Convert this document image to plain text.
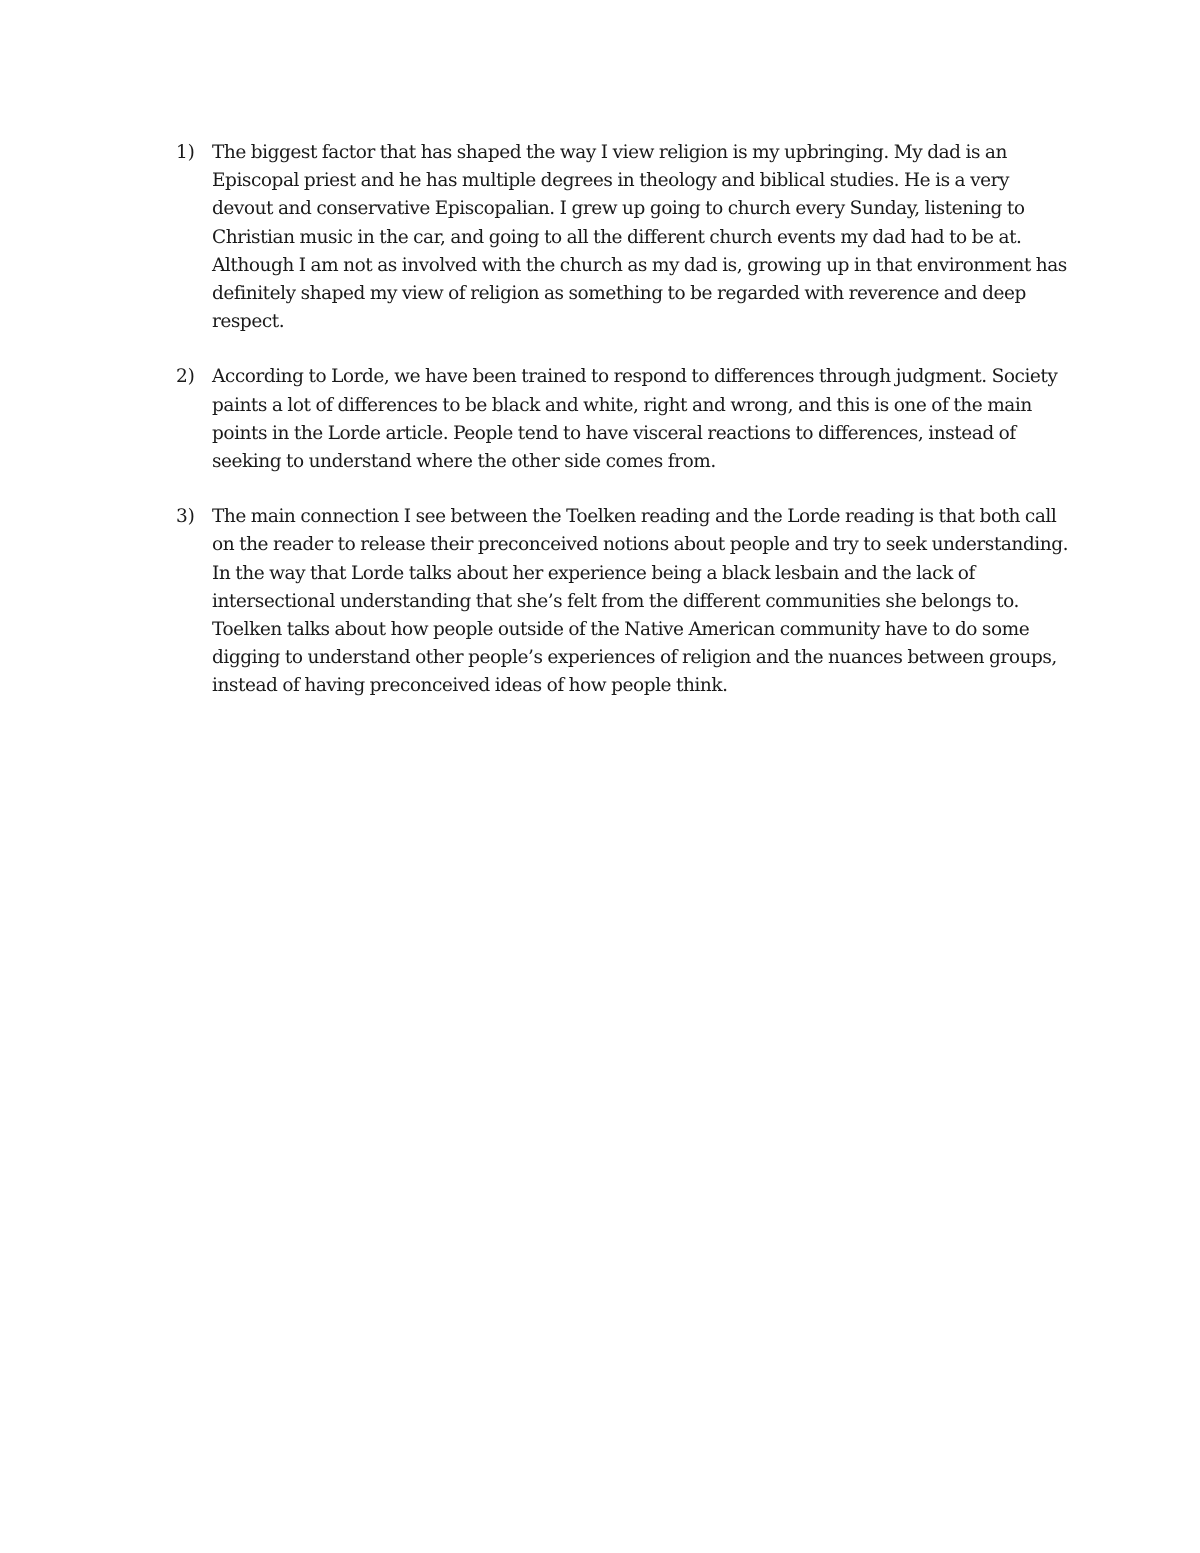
1) The biggest factor that has shaped the way I view religion is my upbringing. My dad is an Episcopal priest and he has multiple degrees in theology and biblical studies. He is a very devout and conservative Episcopalian. I grew up going to church every Sunday, listening to Christian music in the car, and going to all the different church events my dad had to be at. Although I am not as involved with the church as my dad is, growing up in that environment has definitely shaped my view of religion as something to be regarded with reverence and deep respect.
2) According to Lorde, we have been trained to respond to differences through judgment. Society paints a lot of differences to be black and white, right and wrong, and this is one of the main points in the Lorde article. People tend to have visceral reactions to differences, instead of seeking to understand where the other side comes from.
3) The main connection I see between the Toelken reading and the Lorde reading is that both call on the reader to release their preconceived notions about people and try to seek understanding. In the way that Lorde talks about her experience being a black lesbain and the lack of intersectional understanding that she’s felt from the different communities she belongs to. Toelken talks about how people outside of the Native American community have to do some digging to understand other people’s experiences of religion and the nuances between groups, instead of having preconceived ideas of how people think.
